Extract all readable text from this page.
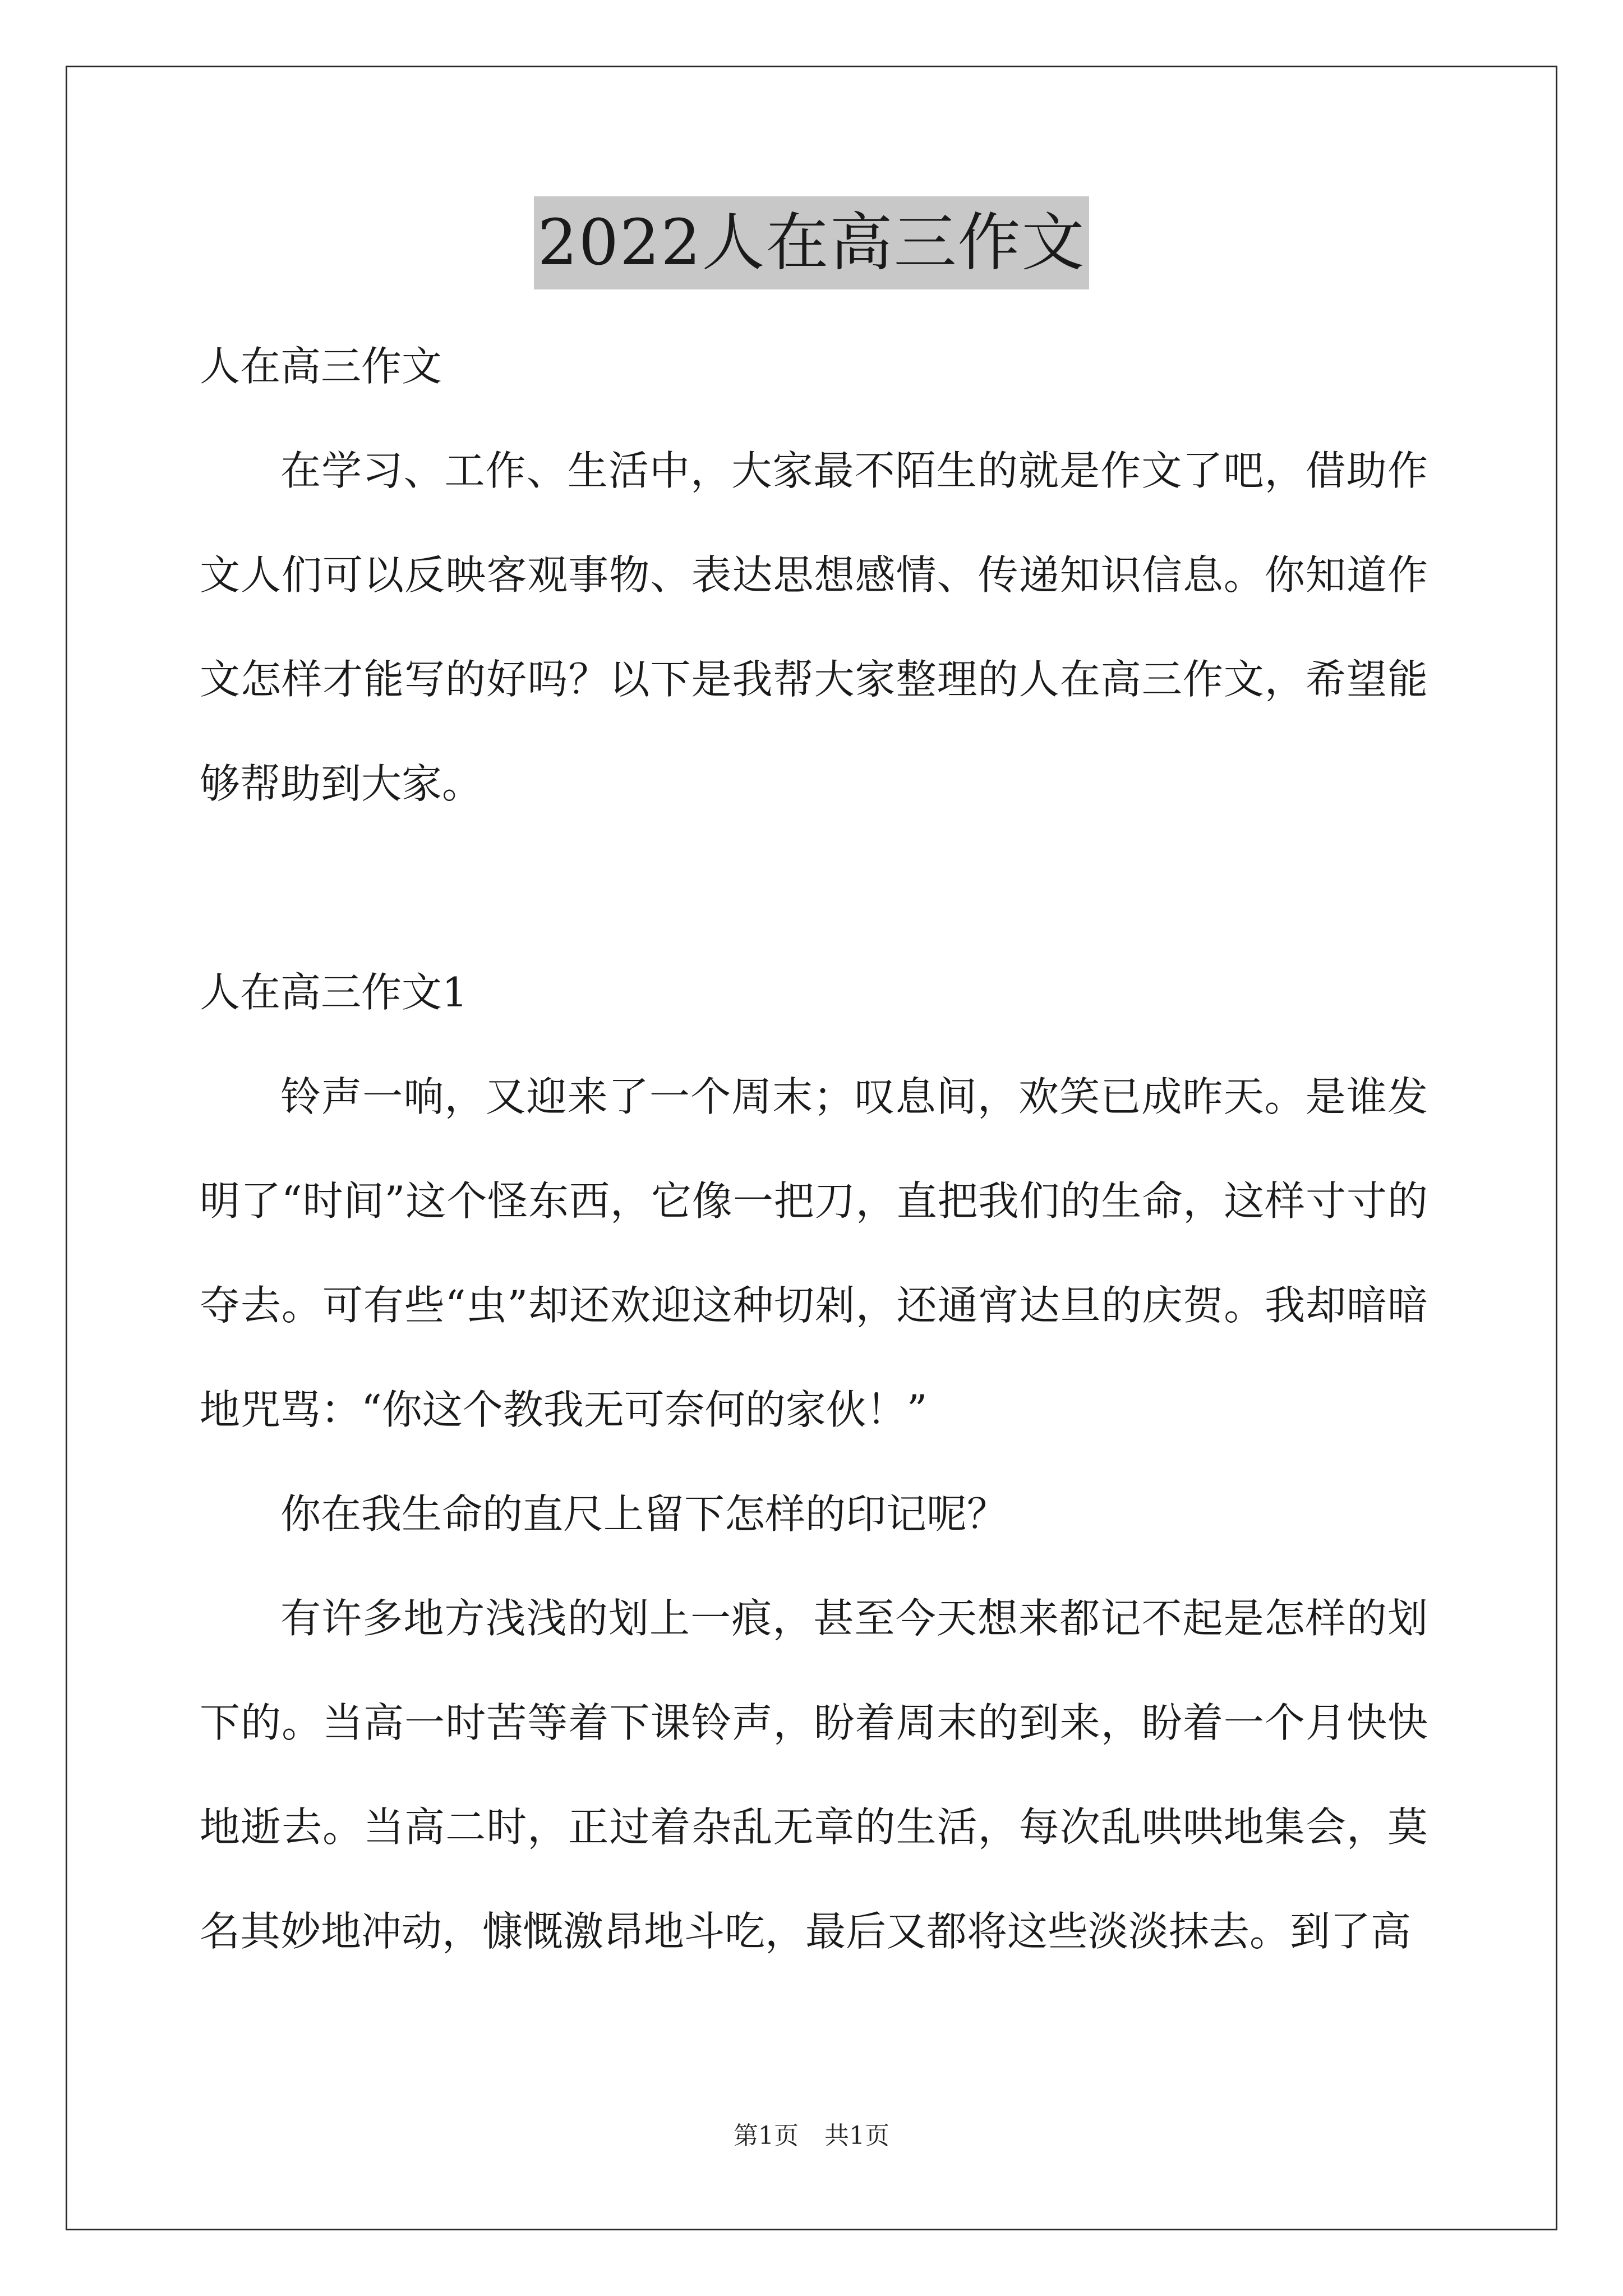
2022人在高三作文

人在高三作文

在学习、工作、生活中，大家最不陌生的就是作文了吧，借助作文人们可以反映客观事物、表达思想感情、传递知识信息。你知道作文怎样才能写的好吗？以下是我帮大家整理的人在高三作文，希望能够帮助到大家。

人在高三作文1

铃声一响，又迎来了一个周末；叹息间，欢笑已成昨天。是谁发明了“时间”这个怪东西，它像一把刀，直把我们的生命，这样寸寸的夺去。可有些“虫”却还欢迎这种切剁，还通宵达旦的庆贺。我却暗暗地咒骂：“你这个教我无可奈何的家伙！”

你在我生命的直尺上留下怎样的印记呢？

有许多地方浅浅的划上一痕，甚至今天想来都记不起是怎样的划下的。当高一时苦等着下课铃声，盼着周末的到来，盼着一个月快快地逝去。当高二时，正过着杂乱无章的生活，每次乱哄哄地集会，莫名其妙地冲动，慷慨激昂地斗吃，最后又都将这些淡淡抹去。到了高

第1页 共1页
